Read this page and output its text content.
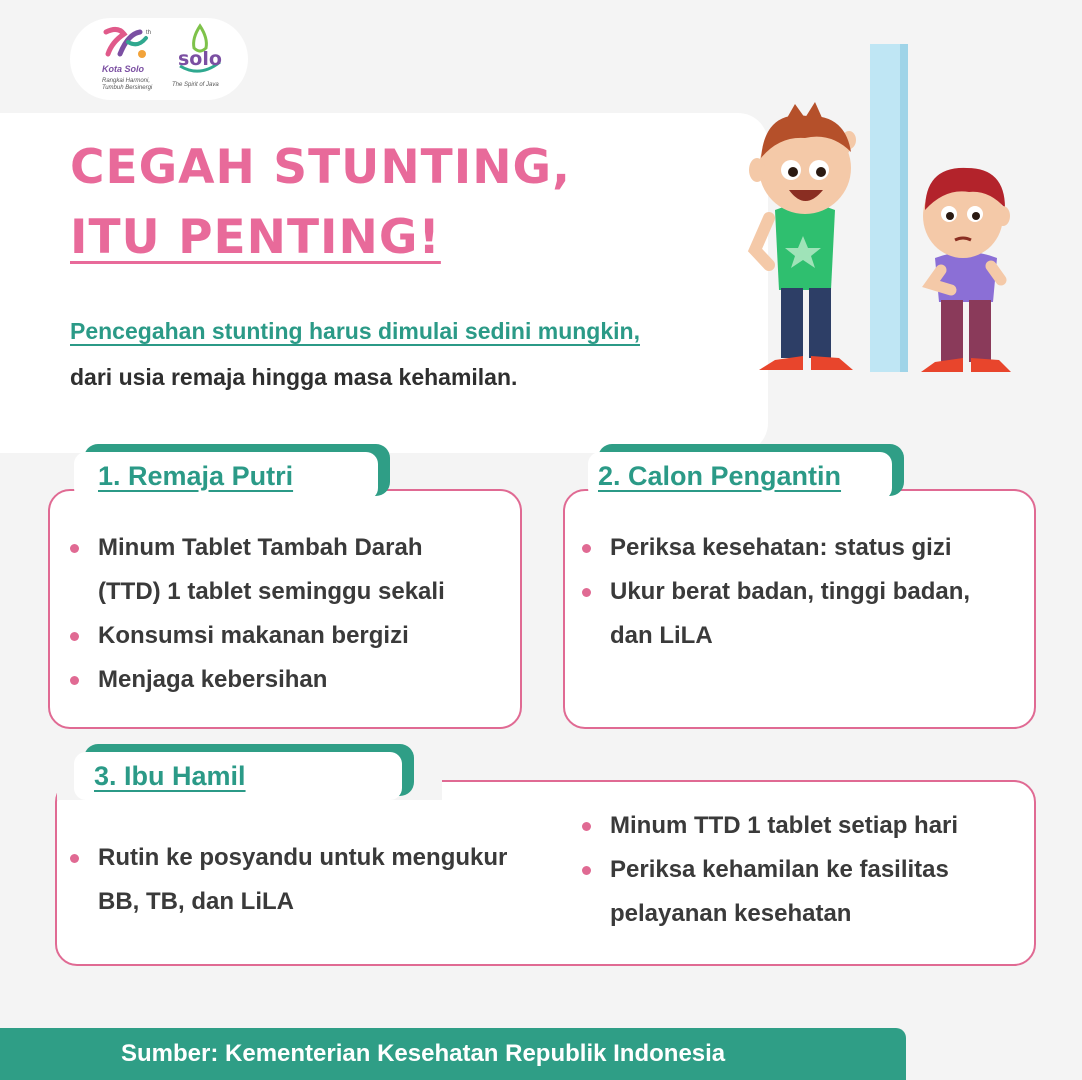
th
Kota Solo
Rangkai Harmoni,
Tumbuh Bersinergi
solo
The Spirit of Java
CEGAH STUNTING,
ITU PENTING!
Pencegahan stunting harus dimulai sedini mungkin,
dari usia remaja hingga masa kehamilan.
1. Remaja Putri
Minum Tablet Tambah Darah
(TTD) 1 tablet seminggu sekali
Konsumsi makanan bergizi
Menjaga kebersihan
2. Calon Pengantin
Periksa kesehatan: status gizi
Ukur berat badan, tinggi badan,
dan LiLA
3. Ibu Hamil
Rutin ke posyandu untuk mengukur
BB, TB, dan LiLA
Minum TTD 1 tablet setiap hari
Periksa kehamilan ke fasilitas
pelayanan kesehatan
Sumber: Kementerian Kesehatan Republik Indonesia
